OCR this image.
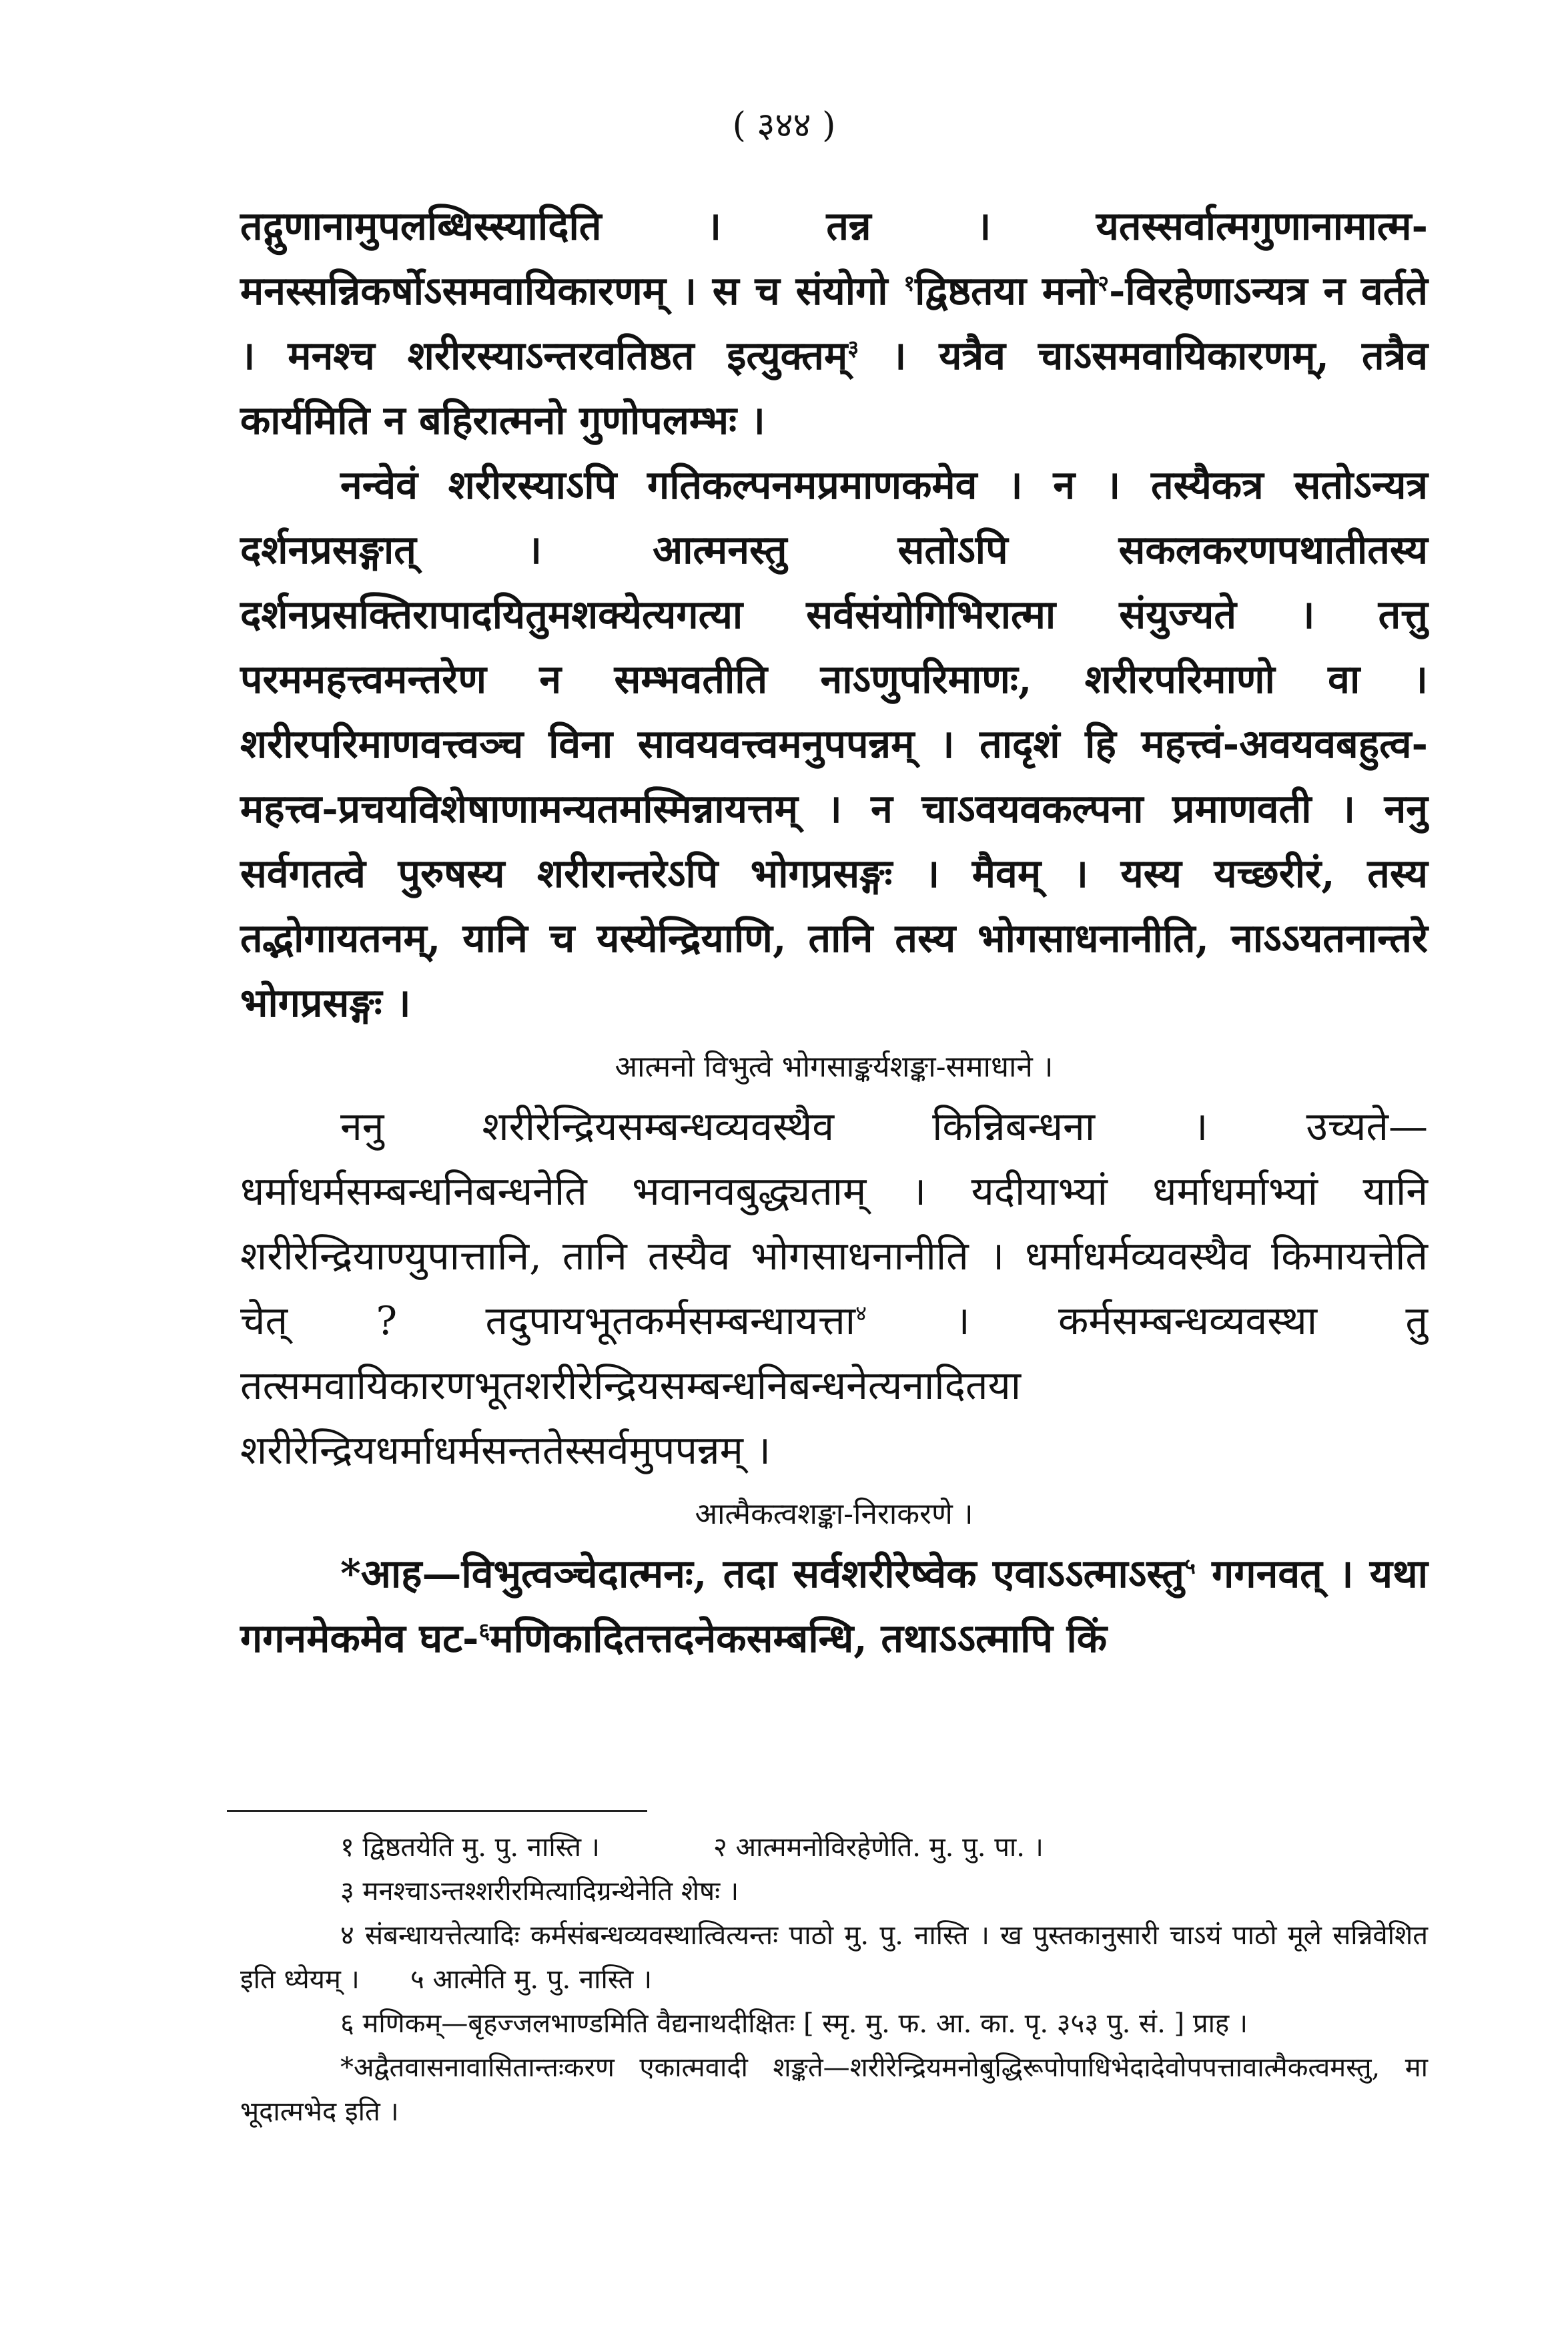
( ३४४ )

तद्गुणानामुपलब्धिस्स्यादिति । तन्न । यतस्सर्वात्मगुणानामात्म-मनस्सन्निकर्षोऽसमवायिकारणम् । स च संयोगो $^१$द्विष्ठतया मनो$^२$-विरहेणाऽन्यत्र न वर्तते । मनश्च शरीरस्याऽन्तरवतिष्ठत इत्युक्तम्$^३$ । यत्रैव चाऽसमवायिकारणम्, तत्रैव कार्यमिति न बहिरात्मनो गुणोपलम्भः ।

नन्वेवं शरीरस्याऽपि गतिकल्पनमप्रमाणकमेव । न । तस्यैकत्र सतोऽन्यत्र दर्शनप्रसङ्गात् । आत्मनस्तु सतोऽपि सकलकरणपथातीतस्य दर्शनप्रसक्तिरापादयितुमशक्येत्यगत्या सर्वसंयोगिभिरात्मा संयुज्यते । तत्तु परममहत्त्वमन्तरेण न सम्भवतीति नाऽणुपरिमाणः, शरीरपरिमाणो वा । शरीरपरिमाणवत्त्वञ्च विना सावयवत्त्वमनुपपन्नम् । तादृशं हि महत्त्वं-अवयवबहुत्व-महत्त्व-प्रचयविशेषाणामन्यतमस्मिन्नायत्तम् । न चाऽवयवकल्पना प्रमाणवती । ननु सर्वगतत्वे पुरुषस्य शरीरान्तरेऽपि भोगप्रसङ्गः । मैवम् । यस्य यच्छरीरं, तस्य तद्भोगायतनम्, यानि च यस्येन्द्रियाणि, तानि तस्य भोगसाधनानीति, नाऽऽयतनान्तरे भोगप्रसङ्गः ।

आत्मनो विभुत्वे भोगसाङ्कर्यशङ्का-समाधाने ।

ननु शरीरेन्द्रियसम्बन्धव्यवस्थैव किन्निबन्धना । उच्यते—धर्माधर्मसम्बन्धनिबन्धनेति भवानवबुद्ध्यताम् । यदीयाभ्यां धर्माधर्माभ्यां यानि शरीरेन्द्रियाण्युपात्तानि, तानि तस्यैव भोगसाधनानीति । धर्माधर्मव्यवस्थैव किमायत्तेति चेत् ? तदुपायभूतकर्मसम्बन्धायत्ता$^४$ । कर्मसम्बन्धव्यवस्था तु तत्समवायिकारणभूतशरीरेन्द्रियसम्बन्धनिबन्धनेत्यनादितया शरीरेन्द्रियधर्माधर्मसन्ततेस्सर्वमुपपन्नम् ।

आत्मैकत्वशङ्का-निराकरणे ।

*आह—विभुत्वञ्चेदात्मनः, तदा सर्वशरीरेष्वेक एवाऽऽत्माऽस्तु$^५$ गगनवत् । यथा गगनमेकमेव घट-$^६$मणिकादितत्तदनेकसम्बन्धि, तथाऽऽत्मापि किं

१ द्विष्ठतयेति मु. पु. नास्ति ।	२ आत्ममनोविरहेणेति. मु. पु. पा. ।

३ मनश्चाऽन्तश्शरीरमित्यादिग्रन्थेनेति शेषः ।

४ संबन्धायत्तेत्यादिः कर्मसंबन्धव्यवस्थात्वित्यन्तः पाठो मु. पु. नास्ति । ख पुस्तकानुसारी चाऽयं पाठो मूले सन्निवेशित इति ध्येयम् । ५ आत्मेति मु. पु. नास्ति ।

६ मणिकम्—बृहज्जलभाण्डमिति वैद्यनाथदीक्षितः [ स्मृ. मु. फ. आ. का. पृ. ३५३ पु. सं. ] प्राह ।

*अद्वैतवासनावासितान्तःकरण एकात्मवादी शङ्कते—शरीरेन्द्रियमनोबुद्धिरूपोपाधिभेदादेवोपपत्तावात्मैकत्वमस्तु, मा भूदात्मभेद इति ।
